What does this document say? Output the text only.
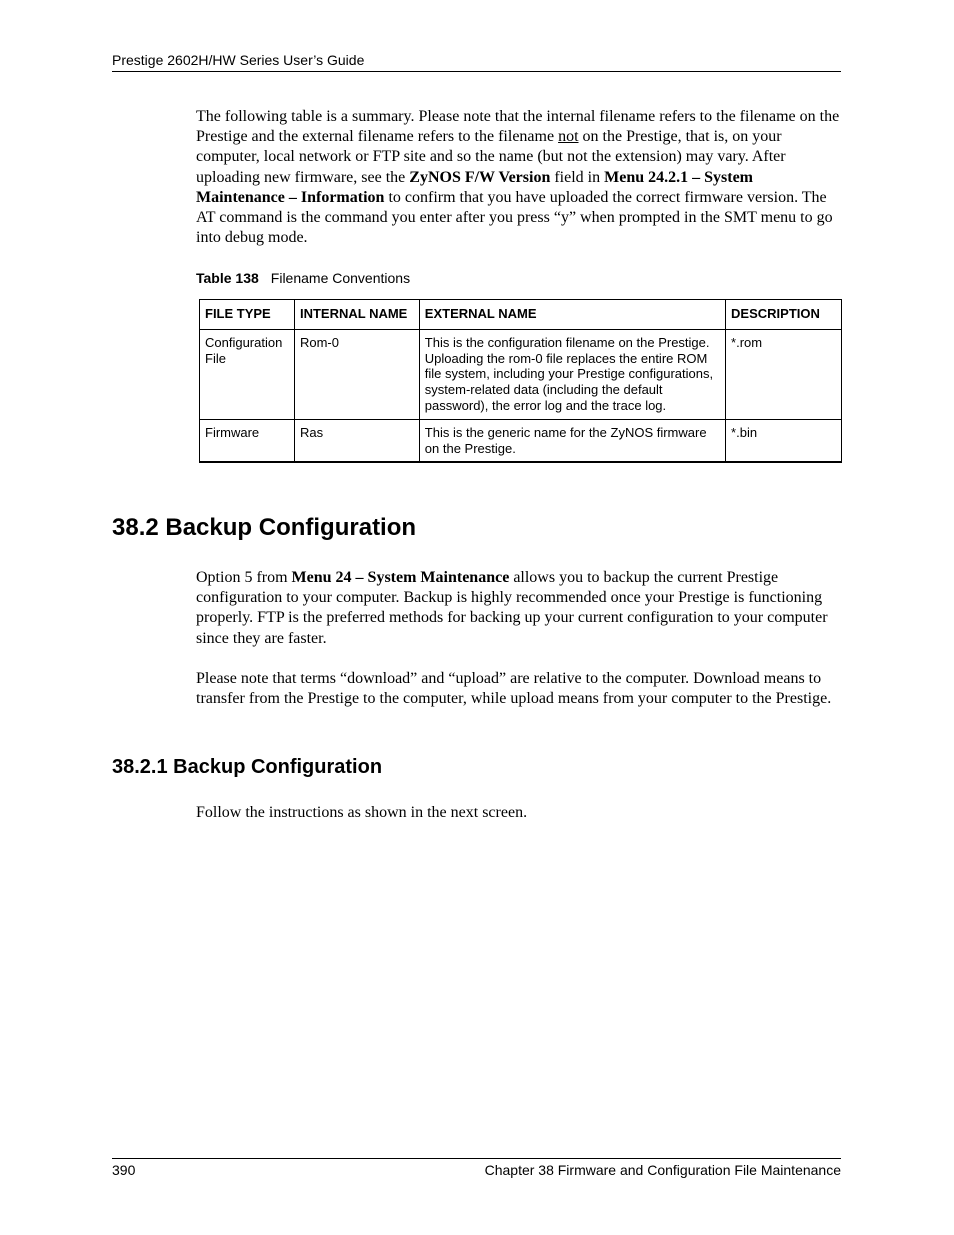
Prestige 2602H/HW Series User’s Guide
The following table is a summary. Please note that the internal filename refers to the filename on the Prestige and the external filename refers to the filename not on the Prestige, that is, on your computer, local network or FTP site and so the name (but not the extension) may vary. After uploading new firmware, see the ZyNOS F/W Version field in Menu 24.2.1 – System Maintenance – Information to confirm that you have uploaded the correct firmware version. The AT command is the command you enter after you press “y” when prompted in the SMT menu to go into debug mode.
Table 138 Filename Conventions
FILE TYPE	INTERNAL NAME	EXTERNAL NAME	DESCRIPTION
Configuration File	Rom-0	This is the configuration filename on the Prestige. Uploading the rom-0 file replaces the entire ROM file system, including your Prestige configurations, system-related data (including the default password), the error log and the trace log.	*.rom
Firmware	Ras	This is the generic name for the ZyNOS firmware on the Prestige.	*.bin
38.2 Backup Configuration
Option 5 from Menu 24 – System Maintenance allows you to backup the current Prestige configuration to your computer. Backup is highly recommended once your Prestige is functioning properly. FTP is the preferred methods for backing up your current configuration to your computer since they are faster.
Please note that terms “download” and “upload” are relative to the computer. Download means to transfer from the Prestige to the computer, while upload means from your computer to the Prestige.
38.2.1 Backup Configuration
Follow the instructions as shown in the next screen.
390	Chapter 38 Firmware and Configuration File Maintenance
